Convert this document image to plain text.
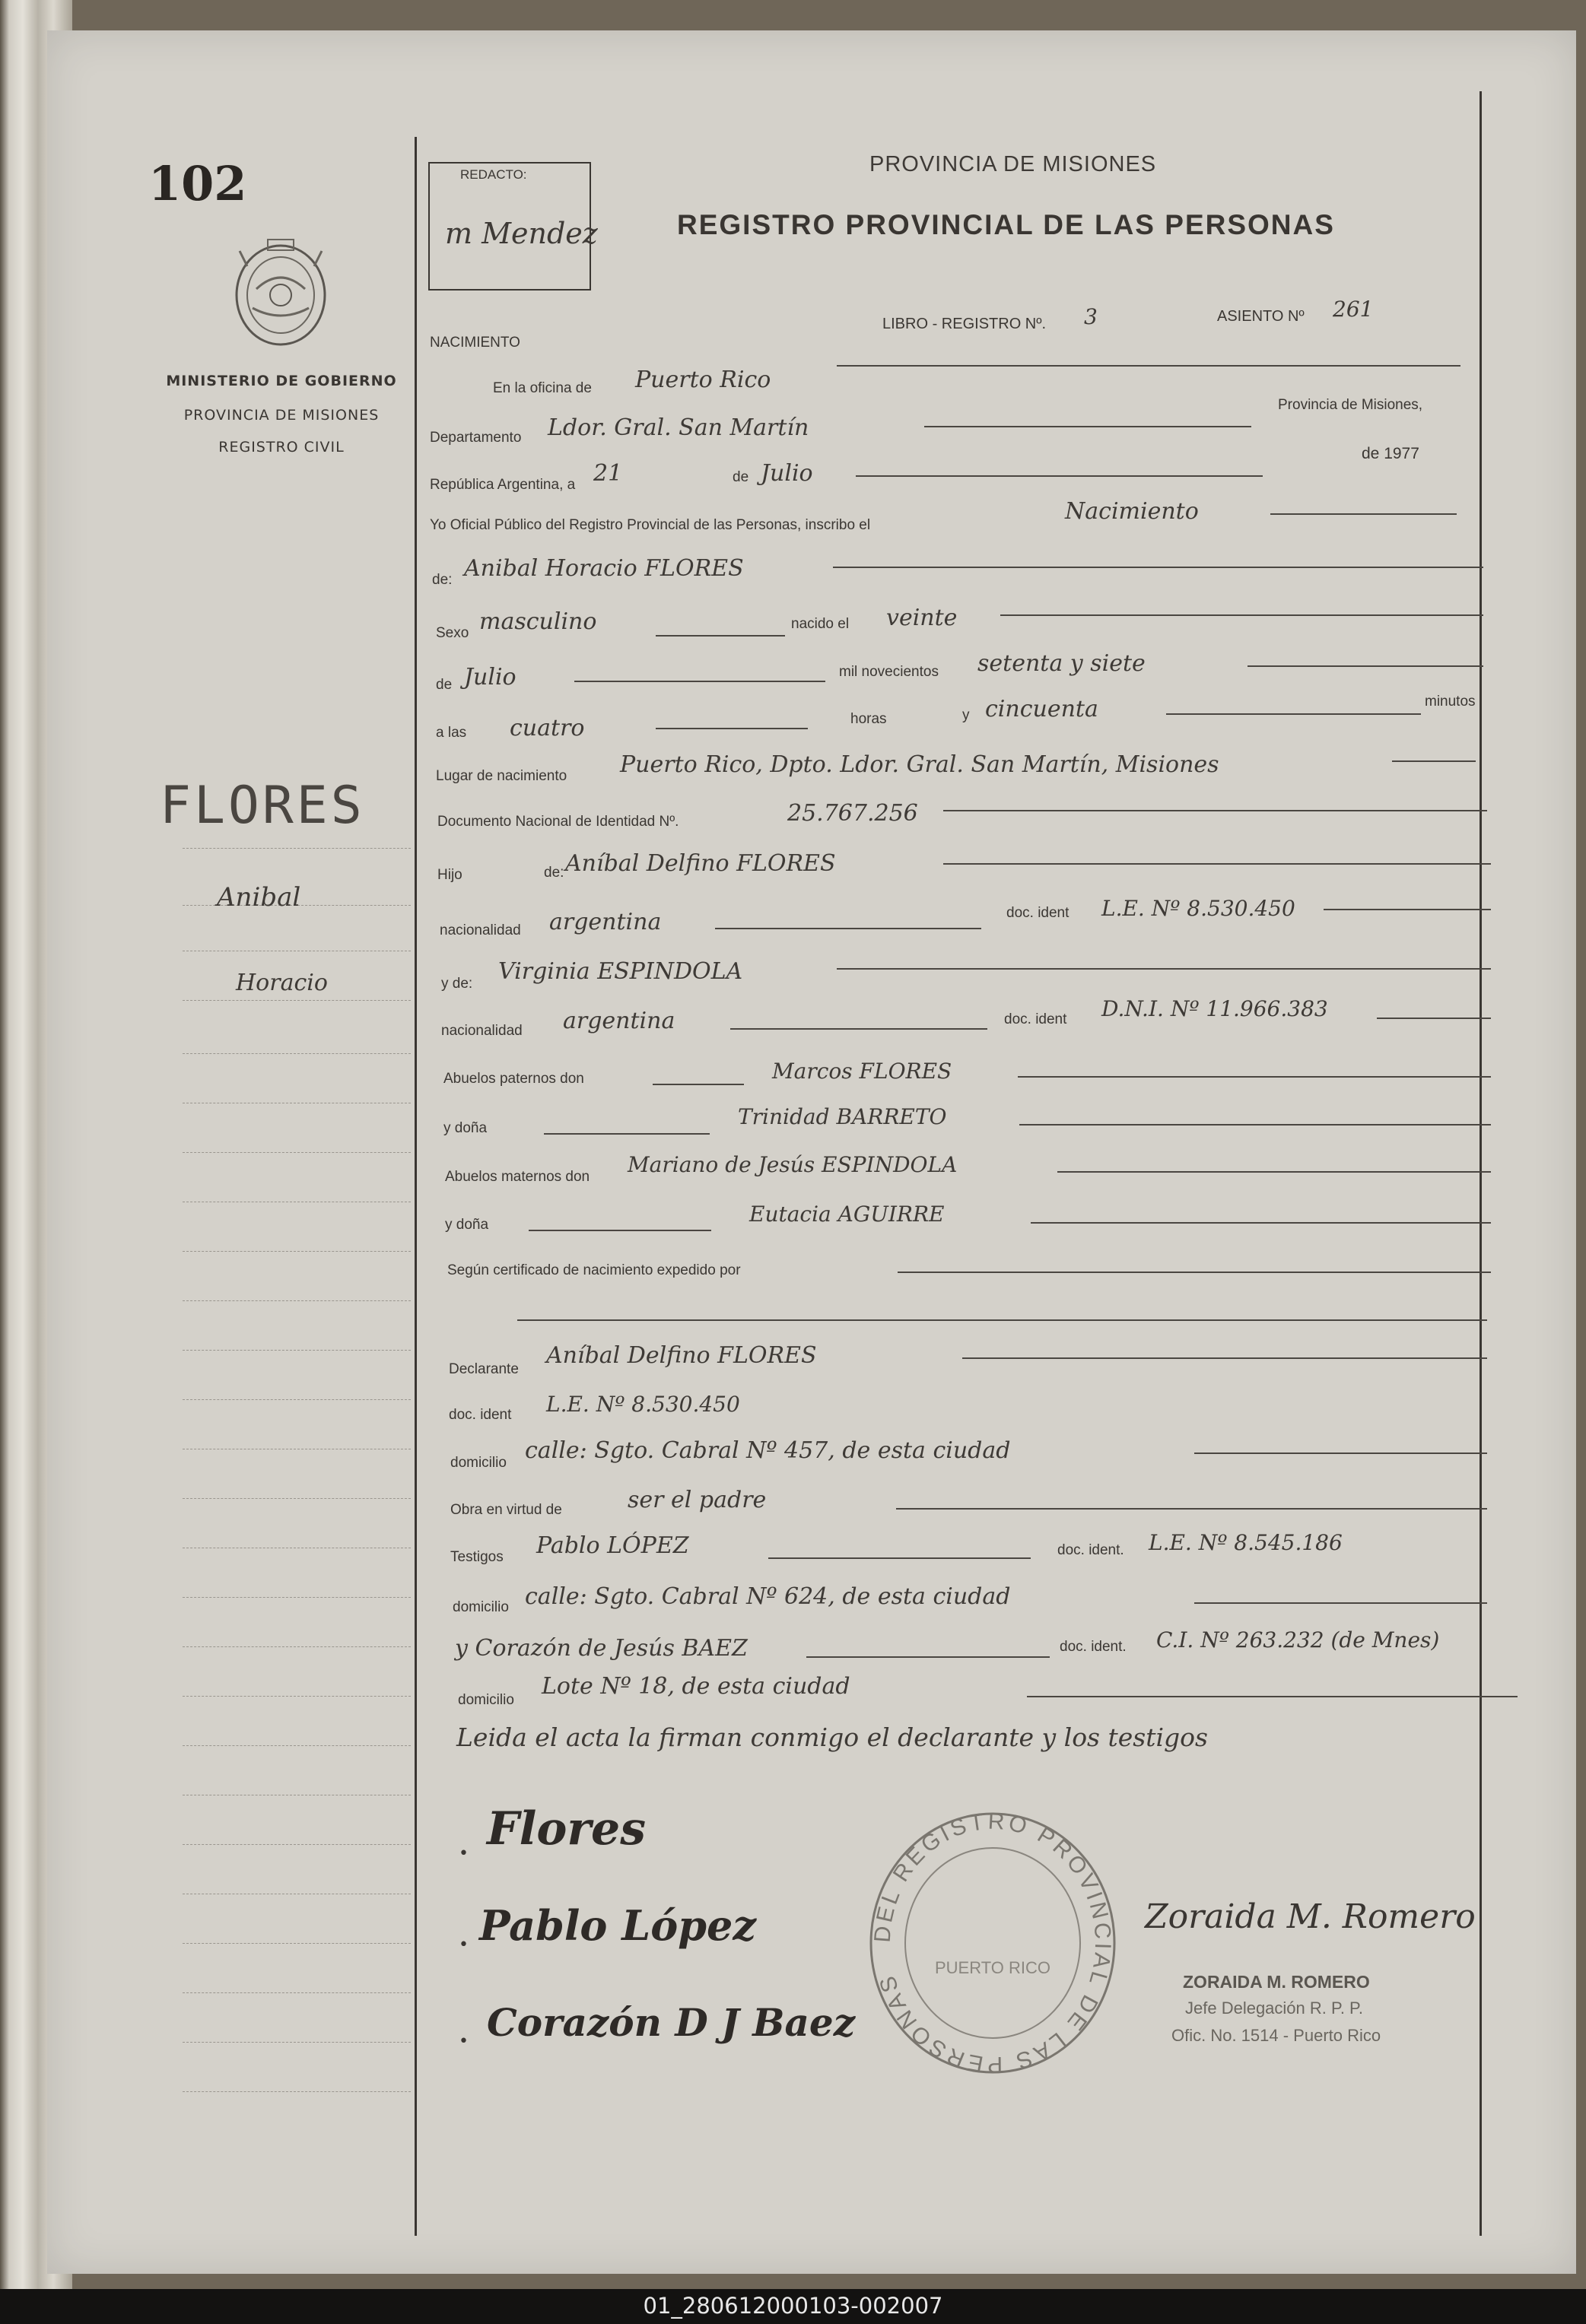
102
MINISTERIO DE GOBIERNO
PROVINCIA DE MISIONES
REGISTRO CIVIL
FLORES
Anibal
Horacio
REDACTO:
m Mendez
PROVINCIA DE MISIONES
REGISTRO PROVINCIAL DE LAS PERSONAS
NACIMIENTO
LIBRO - REGISTRO Nº. 3	ASIENTO Nº 261
En la oficina de Puerto Rico
Departamento Ldor. Gral. San Martín
Provincia de Misiones,
República Argentina, a 21	de Julio
de 1977
Yo Oficial Público del Registro Provincial de las Personas, inscribo el
Nacimiento
de: Anibal Horacio FLORES
Sexo masculino	nacido el veinte
de Julio	mil novecientos setenta y siete
a las cuatro	horas	y cincuenta	minutos
Lugar de nacimiento Puerto Rico, Dpto. Ldor. Gral. San Martín, Misiones
Documento Nacional de Identidad Nº.	25.767.256
Hijo	de: Aníbal Delfino FLORES
nacionalidad argentina	doc. ident L.E. Nº 8.530.450
y de: Virginia ESPINDOLA
nacionalidad argentina	doc. ident D.N.I. Nº 11.966.383
Abuelos paternos don	Marcos FLORES
y doña	Trinidad BARRETO
Abuelos maternos don Mariano de Jesús ESPINDOLA
y doña	Eutacia AGUIRRE
Según certificado de nacimiento expedido por
Declarante
Aníbal Delfino FLORES
doc. ident L.E. Nº 8.530.450
domicilio calle: Sgto. Cabral Nº 457, de esta ciudad
Obra en virtud de	ser el padre
Testigos Pablo LÓPEZ	doc. ident. L.E. Nº 8.545.186
domicilio calle: Sgto. Cabral Nº 624, de esta ciudad
y Corazón de Jesús BAEZ	doc. ident. C.I. Nº 263.232 (de Mnes)
domicilio
Lote Nº 18, de esta ciudad
Leida el acta la firman conmigo el declarante y los testigos
• Flores
• Pablo López
• Corazón D J Baez
Zoraida M. Romero
DEL REGISTRO PROVINCIAL DE LAS PERSONAS
PUERTO RICO
ZORAIDA M. ROMERO
Jefe Delegación R. P. P.
Ofic. No. 1514 - Puerto Rico
01_280612000103-002007
